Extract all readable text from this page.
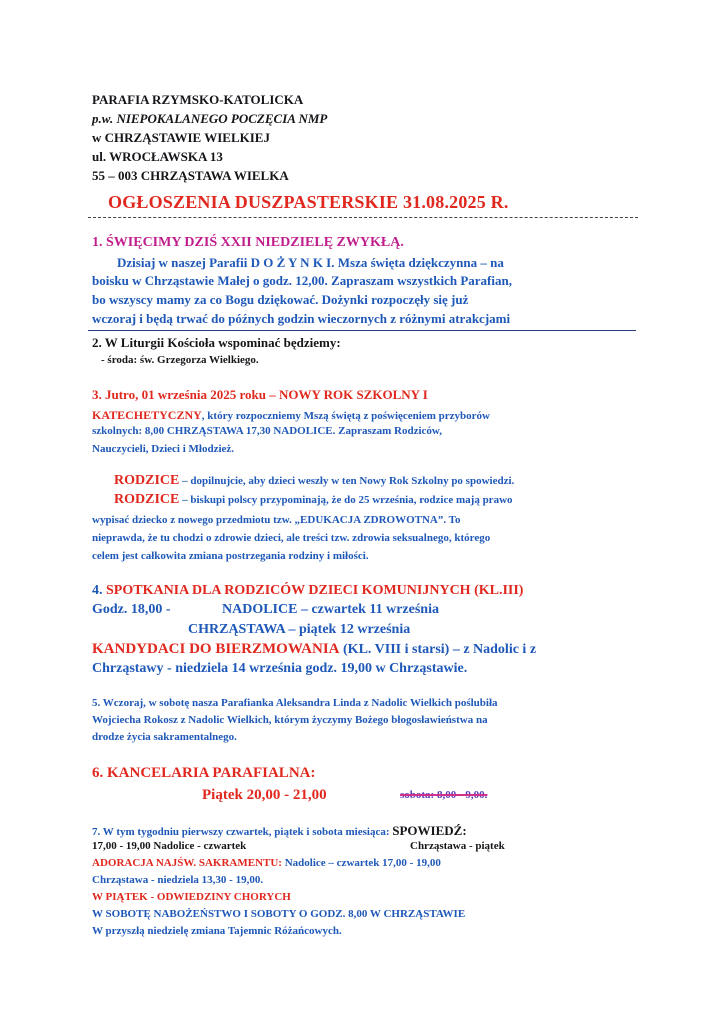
PARAFIA RZYMSKO-KATOLICKA
p.w. NIEPOKALANEGO POCZĘCIA NMP
w CHRZĄSTAWIE WIELKIEJ
ul. WROCŁAWSKA 13
55 – 003 CHRZĄSTAWA WIELKA
OGŁOSZENIA DUSZPASTERSKIE 31.08.2025 R.
1. ŚWIĘCIMY DZIŚ XXII NIEDZIELĘ ZWYKŁĄ.
Dzisiaj w naszej Parafii D O Ż Y N K I. Msza święta dziękczynna – na
boisku w Chrząstawie Małej o godz. 12,00. Zapraszam wszystkich Parafian,
bo wszyscy mamy za co Bogu dziękować. Dożynki rozpoczęły się już
wczoraj i będą trwać do późnych godzin wieczornych z różnymi atrakcjami
2. W Liturgii Kościoła wspominać będziemy:
- środa: św. Grzegorza Wielkiego.
3. Jutro, 01 września 2025 roku – NOWY ROK SZKOLNY I
KATECHETYCZNY, który rozpoczniemy Mszą świętą z poświęceniem przyborów
szkolnych: 8,00 CHRZĄSTAWA 17,30 NADOLICE. Zapraszam Rodziców,
Nauczycieli, Dzieci i Młodzież.
RODZICE – dopilnujcie, aby dzieci weszły w ten Nowy Rok Szkolny po spowiedzi.
RODZICE – biskupi polscy przypominają, że do 25 września, rodzice mają prawo
wypisać dziecko z nowego przedmiotu tzw. „EDUKACJA ZDROWOTNA”. To
nieprawda, że tu chodzi o zdrowie dzieci, ale treści tzw. zdrowia seksualnego, którego
celem jest całkowita zmiana postrzegania rodziny i miłości.
4. SPOTKANIA DLA RODZICÓW DZIECI KOMUNIJNYCH (KL.III)
Godz. 18,00 -	NADOLICE – czwartek 11 września
CHRZĄSTAWA – piątek 12 września
KANDYDACI DO BIERZMOWANIA (KL. VIII i starsi) – z Nadolic i z
Chrząstawy - niedziela 14 września godz. 19,00 w Chrząstawie.
5. Wczoraj, w sobotę nasza Parafianka Aleksandra Linda z Nadolic Wielkich poślubiła
Wojciecha Rokosz z Nadolic Wielkich, którym życzymy Bożego błogosławieństwa na
drodze życia sakramentalnego.
6. KANCELARIA PARAFIALNA:
Piątek 20,00 - 21,00	sobota: 8,00 - 9,00.
7. W tym tygodniu pierwszy czwartek, piątek i sobota miesiąca: SPOWIEDŹ:
17,00 - 19,00 Nadolice - czwartek	Chrząstawa - piątek
ADORACJA NAJŚW. SAKRAMENTU: Nadolice – czwartek 17,00 - 19,00
Chrząstawa - niedziela 13,30 - 19,00.
W PIĄTEK - ODWIEDZINY CHORYCH
W SOBOTĘ NABOŻEŃSTWO I SOBOTY O GODZ. 8,00 W CHRZĄSTAWIE
W przyszłą niedzielę zmiana Tajemnic Różańcowych.
